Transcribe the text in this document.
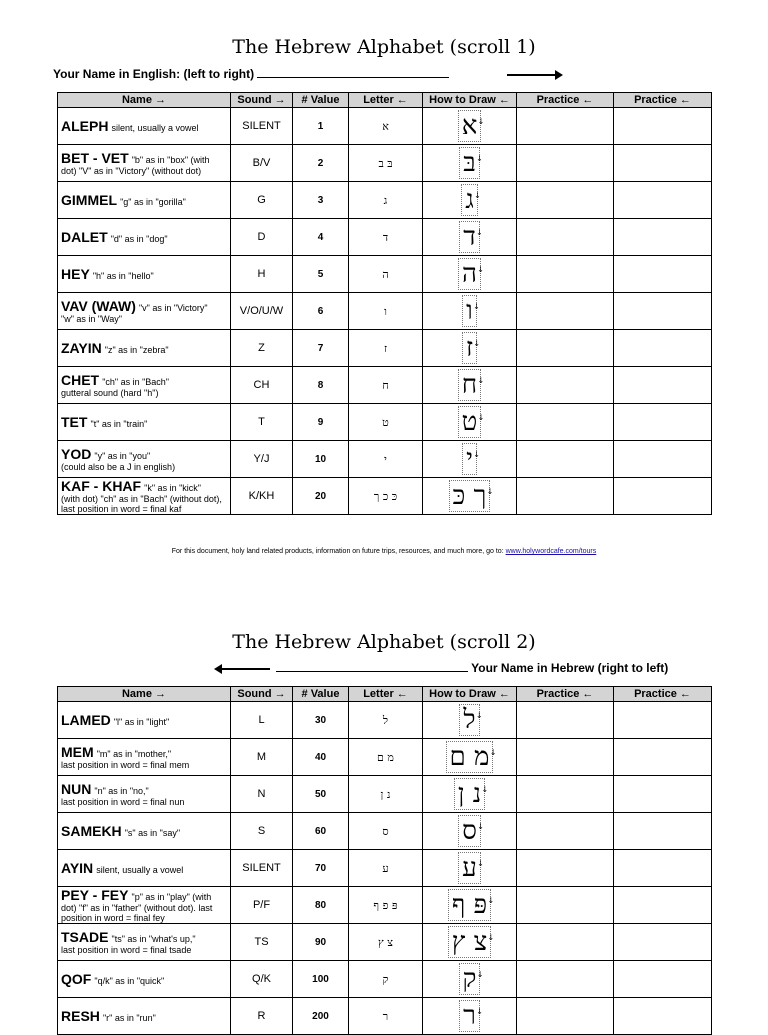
The Hebrew Alphabet (scroll 1)
Your Name in English: (left to right)
Name →	Sound →	# Value	Letter ←	How to Draw ←	Practice ←	Practice ←
ALEPH silent, usually a vowel	SILENT	1	א	א ↓		
BET - VET "b" as in "box" (with
dot) "V" as in "Victory" (without dot)	B/V	2	בּ ב	בּ ↓		
GIMMEL "g" as in "gorilla"	G	3	ג	ג ↓		
DALET "d" as in "dog"	D	4	ד	ד ↓		
HEY "h" as in "hello"	H	5	ה	ה ↓		
VAV (WAW) "v" as in "Victory"
"w" as in "Way"	V/O/U/W	6	ו	ו ↓		
ZAYIN "z" as in "zebra"	Z	7	ז	ז ↓		
CHET "ch" as in "Bach"
gutteral sound (hard "h")	CH	8	ח	ח ↓		
TET "t" as in "train"	T	9	ט	ט ↓		
YOD "y" as in "you"
(could also be a J in english)	Y/J	10	י	י ↓		
KAF - KHAF "k" as in "kick"
(with dot) "ch" as in "Bach" (without dot), last position in word = final kaf	K/KH	20	כּ כ ך	ך כּ ↓		
For this document, holy land related products, information on future trips, resources, and much more, go to: www.holywordcafe.com/tours
The Hebrew Alphabet (scroll 2)
Your Name in Hebrew (right to left)
Name →	Sound →	# Value	Letter ←	How to Draw ←	Practice ←	Practice ←
LAMED "l" as in "light"	L	30	ל	ל ↓		
MEM "m" as in "mother,"
last position in word = final mem	M	40	מ ם	מ ם ↓		
NUN "n" as in "no,"
last position in word = final nun	N	50	נ ן	נ ן ↓		
SAMEKH "s" as in "say"	S	60	ס	ס ↓		
AYIN silent, usually a vowel	SILENT	70	ע	ע ↓		
PEY - FEY "p" as in "play" (with
dot) "f" as in "father" (without dot). last position in word = final fey	P/F	80	פּ פ ף	פּ ף ↓		
TSADE "ts" as in "what's up,"
last position in word = final tsade	TS	90	צ ץ	צ ץ ↓		
QOF "q/k" as in "quick"	Q/K	100	ק	ק ↓		
RESH "r" as in "run"	R	200	ר	ר ↓		
